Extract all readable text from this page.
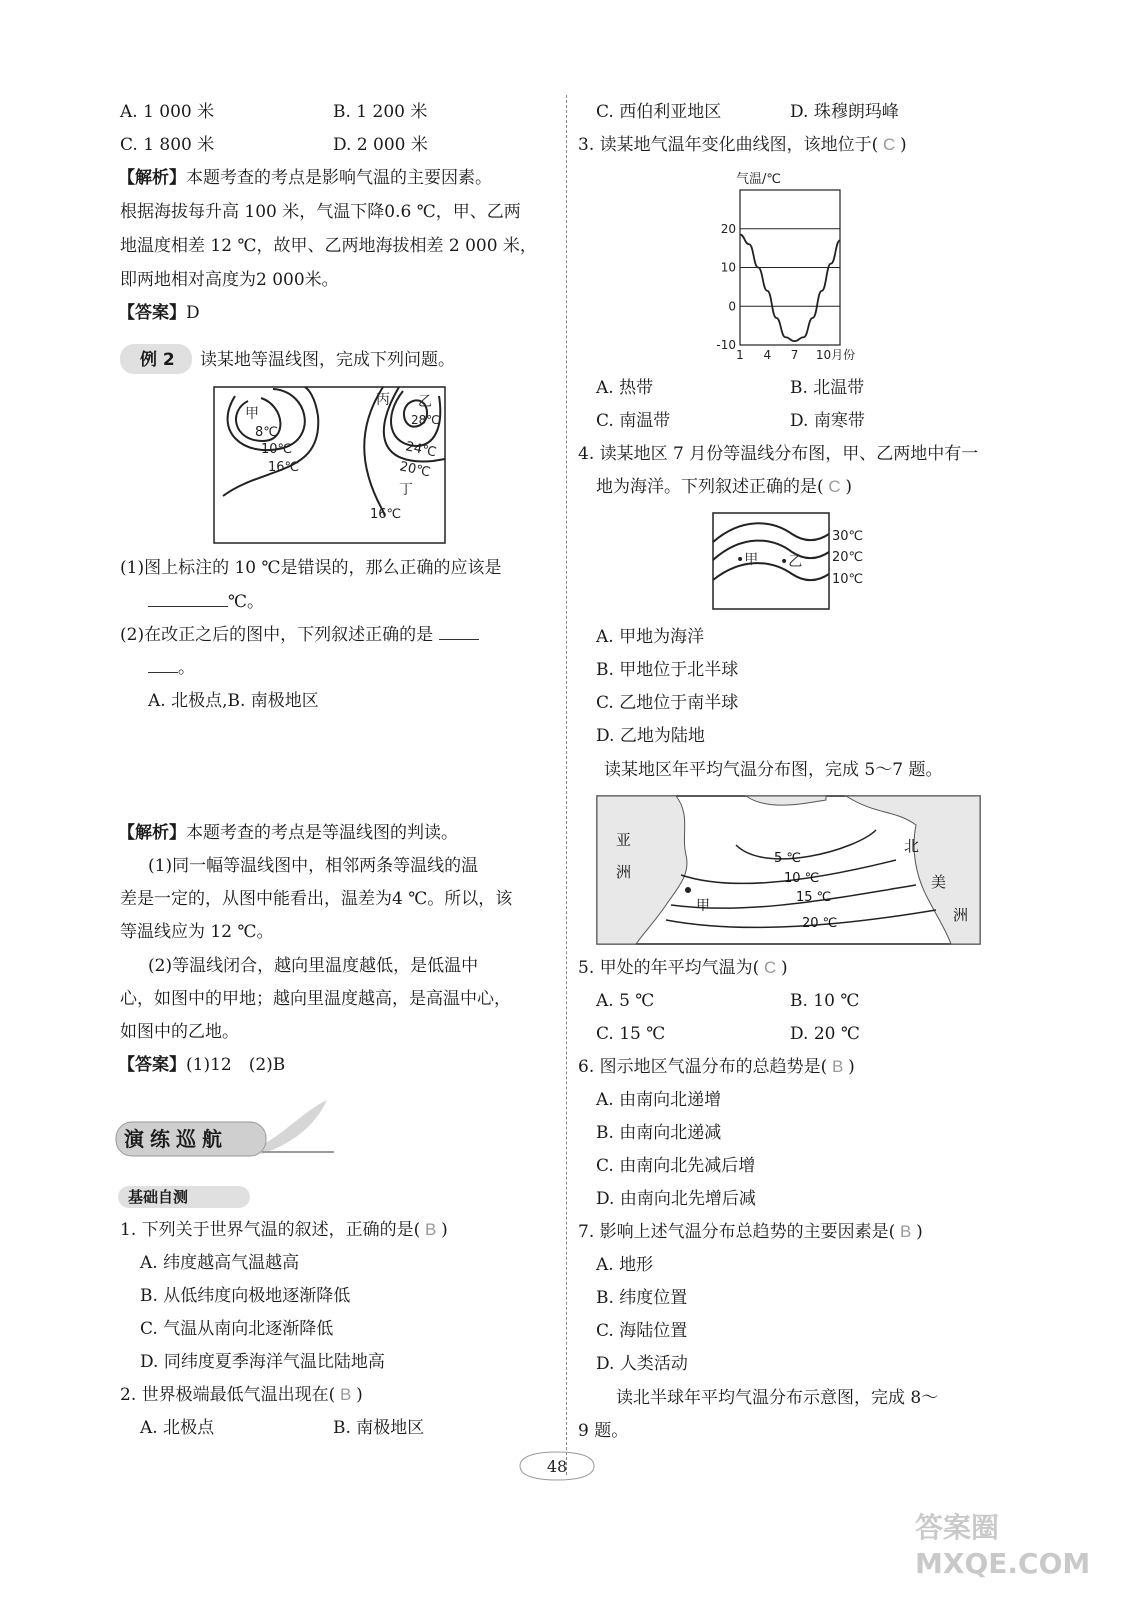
A. 1 000 米	B. 1 200 米
C. 1 800 米	D. 2 000 米
【解析】本题考查的考点是影响气温的主要因素。
根据海拔每升高 100 米，气温下降0.6 ℃，甲、乙两
地温度相差 12 ℃，故甲、乙两地海拔相差 2 000 米，
即两地相对高度为2 000米。
【答案】D
例 2 读某地等温线图，完成下列问题。
甲
8℃
10℃
16℃
丙 乙
28℃
24℃
20℃
丁
16℃
(1)图上标注的 10 ℃是错误的，那么正确的应该是
℃。
(2)在改正之后的图中，下列叙述正确的是
。
A. 北极点,B. 南极地区
【解析】本题考查的考点是等温线图的判读。
(1)同一幅等温线图中，相邻两条等温线的温
差是一定的，从图中能看出，温差为4 ℃。所以，该
等温线应为 12 ℃。
(2)等温线闭合，越向里温度越低，是低温中
心，如图中的甲地；越向里温度越高，是高温中心，
如图中的乙地。
【答案】(1)12　(2)B
演练巡航
基础自测
1. 下列关于世界气温的叙述，正确的是( B )
A. 纬度越高气温越高
B. 从低纬度向极地逐渐降低
C. 气温从南向北逐渐降低
D. 同纬度夏季海洋气温比陆地高
2. 世界极端最低气温出现在( B )
A. 北极点	B. 南极地区
C. 西伯利亚地区	D. 珠穆朗玛峰
3. 读某地气温年变化曲线图，该地位于( C )
气温/℃
20
10
0
-10
1 4 7 10月份
A. 热带	B. 北温带
C. 南温带	D. 南寒带
4. 读某地区 7 月份等温线分布图，甲、乙两地中有一
地为海洋。下列叙述正确的是( C )
30℃
20℃
10℃
•甲 •乙
A. 甲地为海洋
B. 甲地位于北半球
C. 乙地位于南半球
D. 乙地为陆地
读某地区年平均气温分布图，完成 5～7 题。
亚
洲
北
美
洲
甲
5 ℃
10 ℃
15 ℃
20 ℃
5. 甲处的年平均气温为( C )
A. 5 ℃	B. 10 ℃
C. 15 ℃	D. 20 ℃
6. 图示地区气温分布的总趋势是( B )
A. 由南向北递增
B. 由南向北递减
C. 由南向北先减后增
D. 由南向北先增后减
7. 影响上述气温分布总趋势的主要因素是( B )
A. 地形
B. 纬度位置
C. 海陆位置
D. 人类活动
读北半球年平均气温分布示意图，完成 8～
9 题。
48
答案圈 MXQE.COM
